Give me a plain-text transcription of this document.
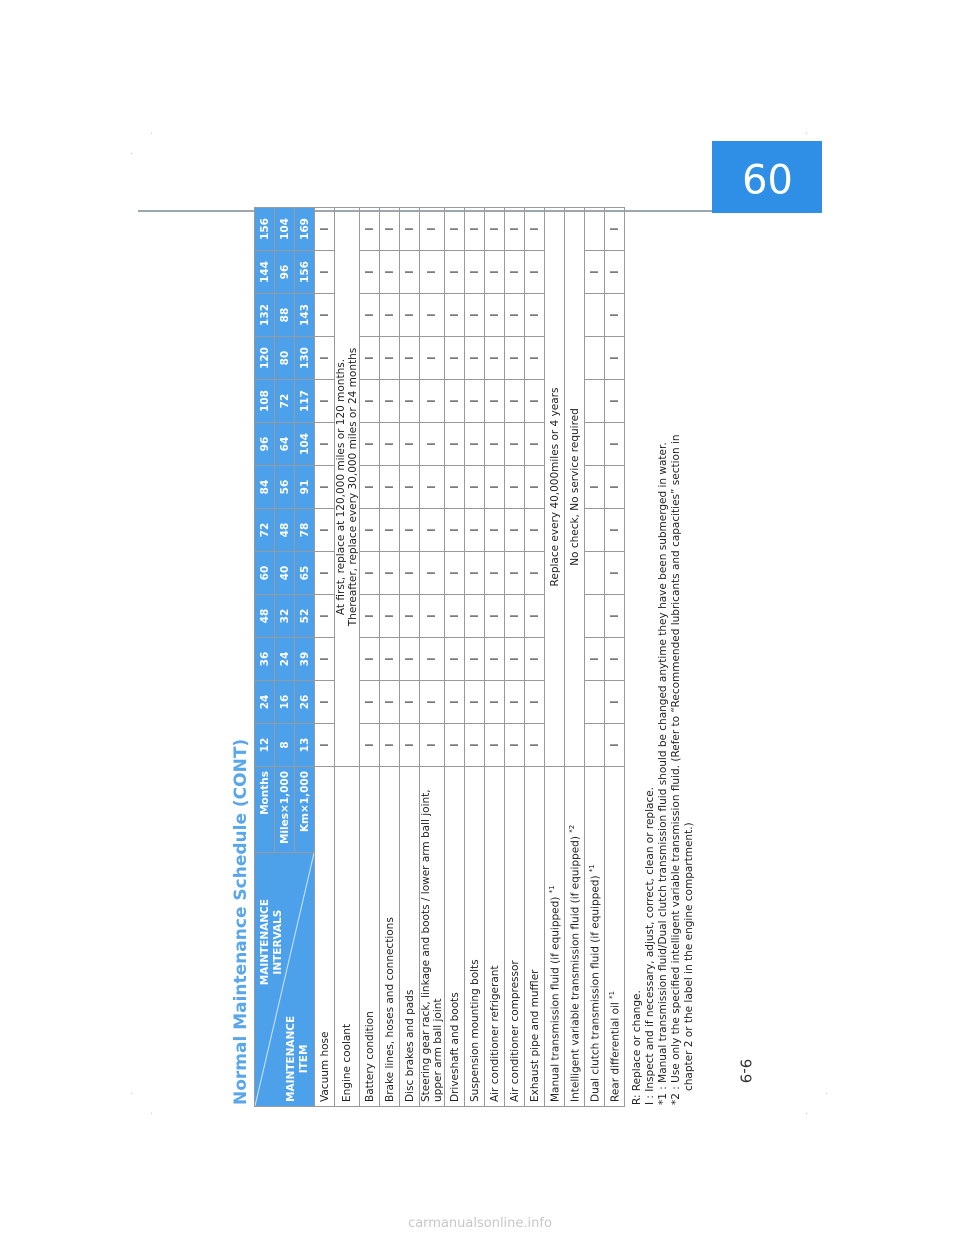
·	·
·
·
·	·
·
09
9-9
Normal Maintenance Schedule (CONT) MAINTENANCE INTERVALS
MAINTENANCE ITEM	Months	12	24	36	48	60	72	84	96	108	120	132	144	156
	Miles×1,000	8	16	24	32	40	48	56	64	72	80	88	96	104
	Km×1,000	13	26	39	52	65	78	91	104	117	130	143	156	169
Vacuum hose		I	I	I	I	I	I	I	I	I	I	I	I	I
Engine coolant		At first, replace at 120,000 miles or 120 months. Thereafter, replace every 30,000 miles or 24 months												

Battery condition		I	I	I	I	I	I	I	I	I	I	I	I	I
Brake lines, hoses and connections		I	I	I	I	I	I	I	I	I	I	I	I	I
Disc brakes and pads		I	I	I	I	I	I	I	I	I	I	I	I	I
Steering gear rack, linkage and boots / lower arm ball joint, upper arm ball joint		I	I	I	I	I	I	I	I	I	I	I	I	I
Driveshaft and boots		I	I	I	I	I	I	I	I	I	I	I	I	I
Suspension mounting bolts		I	I	I	I	I	I	I	I	I	I	I	I	I
Air conditioner refrigerant		I	I	I	I	I	I	I	I	I	I	I	I	I
Air conditioner compressor		I	I	I	I	I	I	I	I	I	I	I	I	I
Exhaust pipe and muffler		I	I	I	I	I	I	I	I	I	I	I	I	I
Manual transmission fluid (if equipped) $^{*1}$		Replace every 40,000miles or 4 years												

Intelligent variable transmission fluid (if equipped) $^{*2}$		No check, No service required												

Dual clutch transmission fluid (if equipped) $^{*1}$				I				I					I	
Rear differential oil $^{*1}$		I	I	I	I	I	I	I	I	I	I	I	I	I

R: Replace or change. I : Inspect and if necessary, adjust, correct, clean or replace. *1 : Manual transmission fluid/Dual clutch transmission fluid should be changed anytime they have been submerged in water. *2 : Use only the specified intelligent variable transmission fluid. (Refer to “Recommended lubricants and capacities” section in chapter 2 or the label in the engine compartment.)

carmanualsonline.info
